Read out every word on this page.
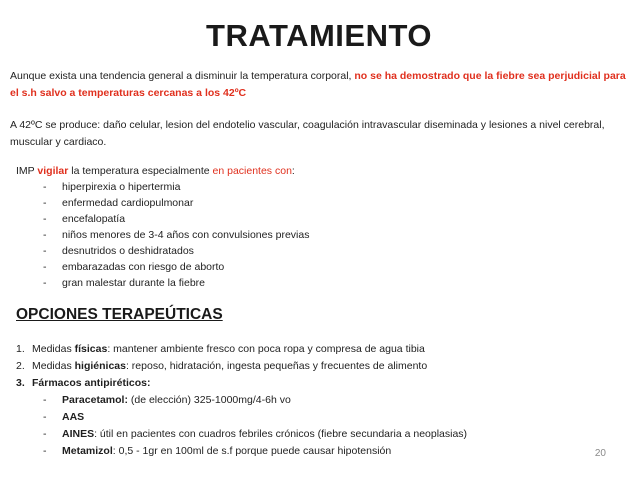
TRATAMIENTO
Aunque exista una tendencia general a disminuir la temperatura corporal, no se ha demostrado que la fiebre sea perjudicial para el s.h salvo a temperaturas cercanas a los 42ºC
A 42ºC se produce: daño celular, lesion del endotelio vascular, coagulación intravascular diseminada y lesiones a nivel cerebral, muscular y cardiaco.
IMP vigilar la temperatura especialmente en pacientes con:
- hiperpirexia o hipertermia
- enfermedad cardiopulmonar
- encefalopatía
- niños menores de 3-4 años con convulsiones previas
- desnutridos o deshidratados
- embarazadas con riesgo de aborto
- gran malestar durante la fiebre
OPCIONES TERAPEÚTICAS
1. Medidas físicas: mantener ambiente fresco con poca ropa y compresa de agua tibia
2. Medidas higiénicas: reposo, hidratación, ingesta pequeñas y frecuentes de alimento
3. Fármacos antipiréticos:
- Paracetamol: (de elección) 325-1000mg/4-6h vo
- AAS
- AINES: útil en pacientes con cuadros febriles crónicos (fiebre secundaria a neoplasias)
- Metamizol: 0,5 - 1gr en 100ml de s.f porque puede causar hipotensión	20
